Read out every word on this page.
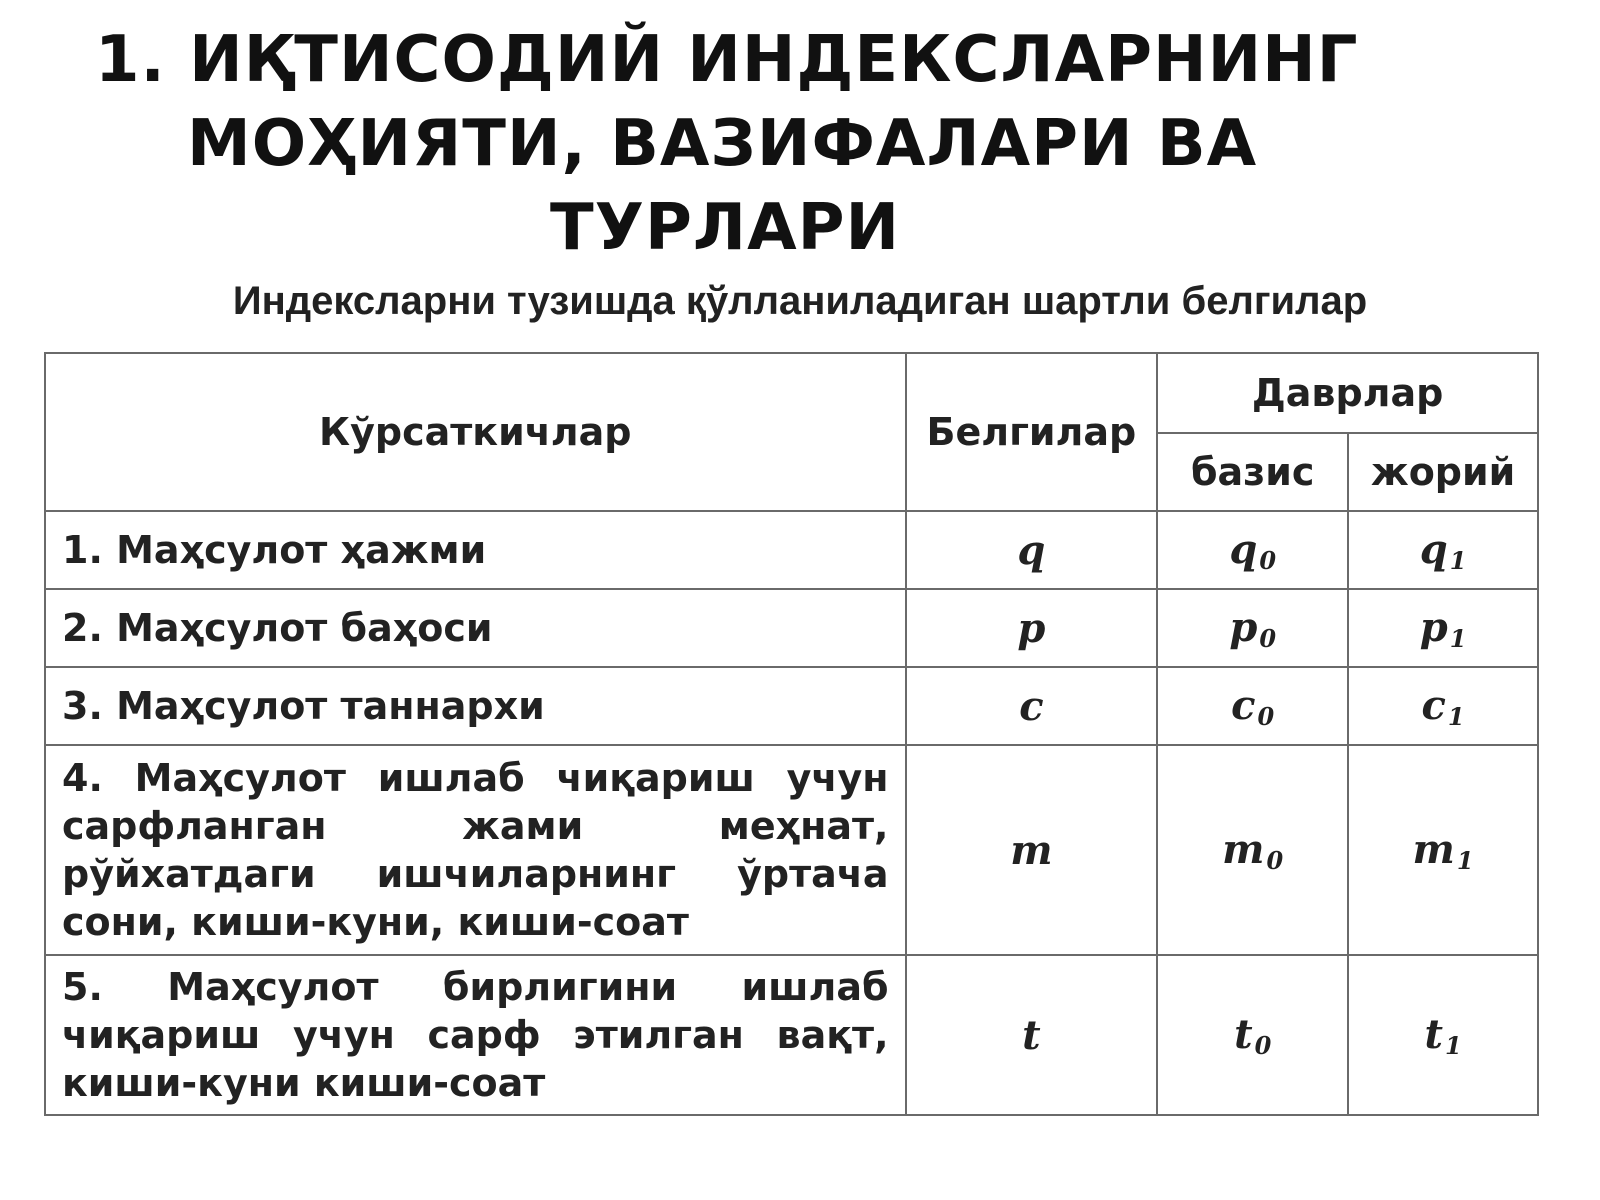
1. ИҚТИСОДИЙ ИНДЕКСЛАРНИНГ
МОҲИЯТИ, ВАЗИФАЛАРИ ВА
ТУРЛАРИ
Индексларни тузишда қўлланиладиган шартли белгилар
Кўрсаткичлар	Белгилар	Даврлар	
		базис	жорий
1. Маҳсулот ҳажми	q	$q_0$	$q_1$
2. Маҳсулот баҳоси	p	$p_0$	$p_1$
3. Маҳсулот таннархи	c	$c_0$	$c_1$
4. Маҳсулот ишлаб чиқариш учун сарфланган жами меҳнат, рўйхатдаги ишчиларнинг ўртача сони, киши-куни, киши-соат	m	$m_0$	$m_1$
5. Маҳсулот бирлигини ишлаб чиқариш учун сарф этилган вақт, киши-куни киши-соат	t	$t_0$	$t_1$
